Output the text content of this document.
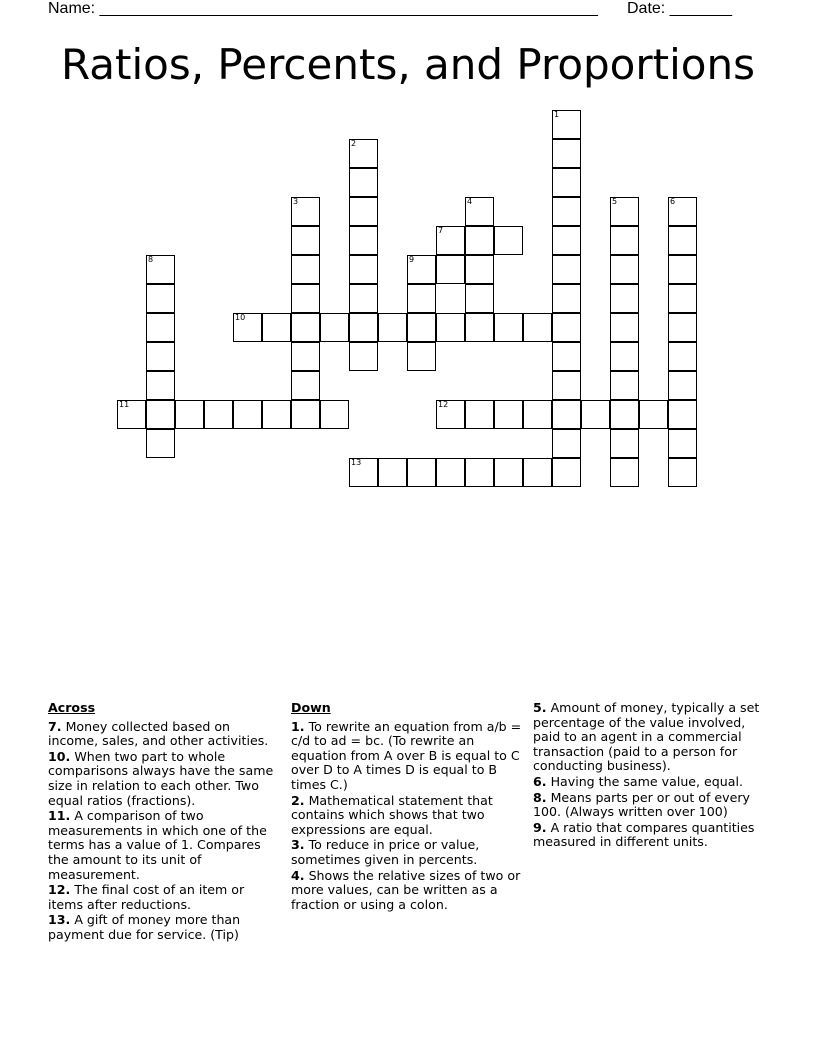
Name: ________________________________________________________ Date: _______
Ratios, Percents, and Proportions
1
2
3	4	5	6
7
8	9
10
11	12
13
Across
7. Money collected based on income, sales, and other activities.
10. When two part to whole comparisons always have the same size in relation to each other. Two equal ratios (fractions).
11. A comparison of two measurements in which one of the terms has a value of 1. Compares the amount to its unit of measurement.
12. The final cost of an item or items after reductions.
13. A gift of money more than payment due for service. (Tip)
Down
1. To rewrite an equation from a/b = c/d to ad = bc. (To rewrite an equation from A over B is equal to C over D to A times D is equal to B times C.)
2. Mathematical statement that contains which shows that two expressions are equal.
3. To reduce in price or value, sometimes given in percents.
4. Shows the relative sizes of two or more values, can be written as a fraction or using a colon.
5. Amount of money, typically a set percentage of the value involved, paid to an agent in a commercial transaction (paid to a person for conducting business).
6. Having the same value, equal.
8. Means parts per or out of every 100. (Always written over 100)
9. A ratio that compares quantities measured in different units.
